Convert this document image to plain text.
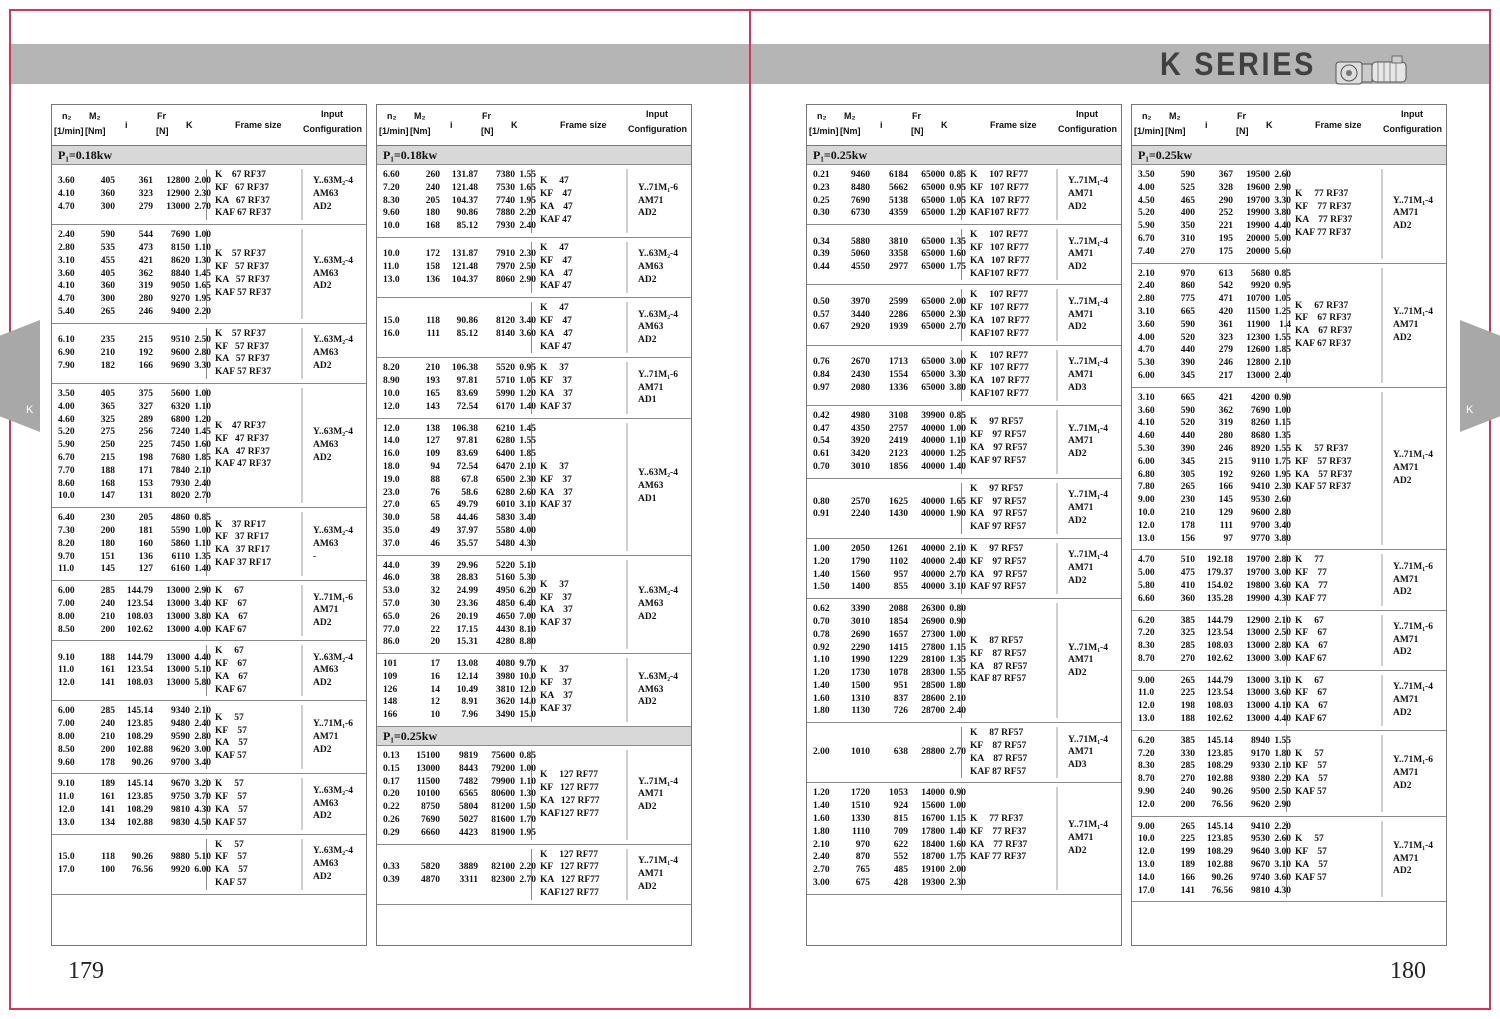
K SERIES
K	K
179	180
n₂ M₂
[1/min] [Nm]
i
Fr
[N]
K	Frame size
Input
Configuration
P₁=0.18kw
3.60	405	361	12800 2.00
4.10	360	323	12900 2.30
4.70	300	279	13000 2.70
K    67 RF37
KF   67 RF37
KA   67 RF37
KAF 67 RF37
Y..63M₂-4
AM63
AD2
2.40	590	544	7690 1.00
2.80	535	473	8150 1.10
3.10	455	421	8620 1.30
3.60	405	362	8840 1.45
4.10	360	319	9050 1.65
4.70	300	280	9270 1.95
5.40	265	246	9400 2.20
K    57 RF37
KF   57 RF37
KA   57 RF37
KAF 57 RF37
Y..63M₂-4
AM63
AD2
6.10	235	215	9510 2.50
6.90	210	192	9600 2.80
7.90	182	166	9690 3.30
K    57 RF37
KF   57 RF37
KA   57 RF37
KAF 57 RF37
Y..63M₂-4
AM63
AD2
3.50	405	375	5600 1.00
4.00	365	327	6320 1.10
4.60	325	289	6800 1.20
5.20	275	256	7240 1.45
5.90	250	225	7450 1.60
6.70	215	198	7680 1.85
7.70	188	171	7840 2.10
8.60	168	153	7930 2.40
10.0	147	131	8020 2.70
K    47 RF37
KF   47 RF37
KA   47 RF37
KAF 47 RF37
Y..63M₂-4
AM63
AD2
6.40	230	205	4860 0.85
7.30	200	181	5590 1.00
8.20	180	160	5860 1.10
9.70	151	136	6110 1.35
11.0	145	127	6160 1.40
K    37 RF17
KF   37 RF17
KA   37 RF17
KAF 37 RF17
Y..63M₂-4
AM63
-
6.00	285	144.79	13000 2.90
7.00	240	123.54	13000 3.40
8.00	210	108.03	13000 3.80
8.50	200	102.62	13000 4.00
K     67
KF    67
KA    67
KAF 67
Y..71M₁-6
AM71
AD2
9.10	188	144.79	13000 4.40
11.0	161	123.54	13000 5.10
12.0	141	108.03	13000 5.80
K     67
KF    67
KA    67
KAF 67
Y..63M₂-4
AM63
AD2
6.00	285	145.14	9340 2.10
7.00	240	123.85	9480 2.40
8.00	210	108.29	9590 2.80
8.50	200	102.88	9620 3.00
9.60	178	90.26	9700 3.40
K     57
KF    57
KA    57
KAF 57
Y..71M₁-6
AM71
AD2
9.10	189	145.14	9670 3.20
11.0	161	123.85	9750 3.70
12.0	141	108.29	9810 4.30
13.0	134	102.88	9830 4.50
K     57
KF    57
KA    57
KAF 57
Y..63M₂-4
AM63
AD2
15.0	118	90.26	9880 5.10
17.0	100	76.56	9920 6.00
K     57
KF    57
KA    57
KAF 57
Y..63M₂-4
AM63
AD2
n₂ M₂
[1/min] [Nm]
i
Fr
[N]
K	Frame size
Input
Configuration
P₁=0.18kw
6.60	260	131.87	7380 1.55
7.20	240	121.48	7530 1.65
8.30	205	104.37	7740 1.95
9.60	180	90.86	7880 2.20
10.0	168	85.12	7930 2.40
K     47
KF    47
KA    47
KAF 47
Y..71M₁-6
AM71
AD2
10.0	172	131.87	7910 2.30
11.0	158	121.48	7970 2.50
13.0	136	104.37	8060 2.90
K     47
KF    47
KA    47
KAF 47
Y..63M₂-4
AM63
AD2
15.0	118	90.86	8120 3.40
16.0	111	85.12	8140 3.60
K     47
KF    47
KA    47
KAF 47
Y..63M₂-4
AM63
AD2
8.20	210	106.38	5520 0.95
8.90	193	97.81	5710 1.05
10.0	165	83.69	5990 1.20
12.0	143	72.54	6170 1.40
K     37
KF    37
KA    37
KAF 37
Y..71M₁-6
AM71
AD1
12.0	138	106.38	6210 1.45
14.0	127	97.81	6280 1.55
16.0	109	83.69	6400 1.85
18.0	94	72.54	6470 2.10
19.0	88	67.8	6500 2.30
23.0	76	58.6	6280 2.60
27.0	65	49.79	6010 3.10
30.0	58	44.46	5830 3.40
35.0	49	37.97	5580 4.00
37.0	46	35.57	5480 4.30
K     37
KF    37
KA    37
KAF 37
Y..63M₂-4
AM63
AD1
44.0	39	29.96	5220 5.10
46.0	38	28.83	5160 5.30
53.0	32	24.99	4950 6.20
57.0	30	23.36	4850 6.40
65.0	26	20.19	4650 7.00
77.0	22	17.15	4430 8.10
86.0	20	15.31	4280 8.80
K     37
KF    37
KA    37
KAF 37
Y..63M₂-4
AM63
AD2
101	17	13.08	4080 9.70
109	16	12.14	3980 10.0
126	14	10.49	3810 12.0
148	12	8.91	3620 14.0
166	10	7.96	3490 15.0
K     37
KF    37
KA    37
KAF 37
Y..63M₂-4
AM63
AD2
P₁=0.25kw
0.13	15100	9819	75600 0.85
0.15	13000	8443	79200 1.00
0.17	11500	7482	79900 1.10
0.20	10100	6565	80600 1.30
0.22	8750	5804	81200 1.50
0.26	7690	5027	81600 1.70
0.29	6660	4423	81900 1.95
K     127 RF77
KF   127 RF77
KA   127 RF77
KAF127 RF77
Y..71M₁-4
AM71
AD2
0.33	5820	3889	82100 2.20
0.39	4870	3311	82300 2.70
K     127 RF77
KF   127 RF77
KA   127 RF77
KAF127 RF77
Y..71M₁-4
AM71
AD2
n₂ M₂
[1/min] [Nm]
i
Fr
[N]
K	Frame size
Input
Configuration
P₁=0.25kw
0.21	9460	6184	65000 0.85
0.23	8480	5662	65000 0.95
0.25	7690	5138	65000 1.05
0.30	6730	4359	65000 1.20
K     107 RF77
KF   107 RF77
KA   107 RF77
KAF107 RF77
Y..71M₁-4
AM71
AD2
0.34	5880	3810	65000 1.35
0.39	5060	3358	65000 1.60
0.44	4550	2977	65000 1.75
K     107 RF77
KF   107 RF77
KA   107 RF77
KAF107 RF77
Y..71M₁-4
AM71
AD2
0.50	3970	2599	65000 2.00
0.57	3440	2286	65000 2.30
0.67	2920	1939	65000 2.70
K     107 RF77
KF   107 RF77
KA   107 RF77
KAF107 RF77
Y..71M₁-4
AM71
AD2
0.76	2670	1713	65000 3.00
0.84	2430	1554	65000 3.30
0.97	2080	1336	65000 3.80
K     107 RF77
KF   107 RF77
KA   107 RF77
KAF107 RF77
Y..71M₁-4
AM71
AD3
0.42	4980	3108	39900 0.85
0.47	4350	2757	40000 1.00
0.54	3920	2419	40000 1.10
0.61	3420	2123	40000 1.25
0.70	3010	1856	40000 1.40
K     97 RF57
KF    97 RF57
KA    97 RF57
KAF 97 RF57
Y..71M₁-4
AM71
AD2
0.80	2570	1625	40000 1.65
0.91	2240	1430	40000 1.90
K     97 RF57
KF    97 RF57
KA    97 RF57
KAF 97 RF57
Y..71M₁-4
AM71
AD2
1.00	2050	1261	40000 2.10
1.20	1790	1102	40000 2.40
1.40	1560	957	40000 2.70
1.50	1400	855	40000 3.10
K     97 RF57
KF    97 RF57
KA    97 RF57
KAF 97 RF57
Y..71M₁-4
AM71
AD2
0.62	3390	2088	26300 0.80
0.70	3010	1854	26900 0.90
0.78	2690	1657	27300 1.00
0.92	2290	1415	27800 1.15
1.10	1990	1229	28100 1.35
1.20	1730	1078	28300 1.55
1.40	1500	951	28500 1.80
1.60	1310	837	28600 2.10
1.80	1130	726	28700 2.40
K     87 RF57
KF    87 RF57
KA    87 RF57
KAF 87 RF57
Y..71M₁-4
AM71
AD2
2.00	1010	638	28800 2.70
K     87 RF57
KF    87 RF57
KA    87 RF57
KAF 87 RF57
Y..71M₁-4
AM71
AD3
1.20	1720	1053	14000 0.90
1.40	1510	924	15600 1.00
1.60	1330	815	16700 1.15
1.80	1110	709	17800 1.40
2.10	970	622	18400 1.60
2.40	870	552	18700 1.75
2.70	765	485	19100 2.00
3.00	675	428	19300 2.30
K     77 RF37
KF    77 RF37
KA    77 RF37
KAF 77 RF37
Y..71M₁-4
AM71
AD2
n₂ M₂
[1/min] [Nm]
i
Fr
[N]
K	Frame size
Input
Configuration
P₁=0.25kw
3.50	590	367	19500 2.60
4.00	525	328	19600 2.90
4.50	465	290	19700 3.30
5.20	400	252	19900 3.80
5.90	350	221	19900 4.40
6.70	310	195	20000 5.00
7.40	270	175	20000 5.60
K     77 RF37
KF    77 RF37
KA    77 RF37
KAF 77 RF37
Y..71M₁-4
AM71
AD2
2.10	970	613	5680 0.85
2.40	860	542	9920 0.95
2.80	775	471	10700 1.05
3.10	665	420	11500 1.25
3.60	590	361	11900 1.4
4.00	520	323	12300 1.55
4.70	440	279	12600 1.85
5.30	390	246	12800 2.10
6.00	345	217	13000 2.40
K     67 RF37
KF    67 RF37
KA    67 RF37
KAF 67 RF37
Y..71M₁-4
AM71
AD2
3.10	665	421	4200 0.90
3.60	590	362	7690 1.00
4.10	520	319	8260 1.15
4.60	440	280	8680 1.35
5.30	390	246	8920 1.55
6.00	345	215	9110 1.75
6.80	305	192	9260 1.95
7.80	265	166	9410 2.30
9.00	230	145	9530 2.60
10.0	210	129	9600 2.80
12.0	178	111	9700 3.40
13.0	156	97	9770 3.80
K     57 RF37
KF    57 RF37
KA    57 RF37
KAF 57 RF37
Y..71M₁-4
AM71
AD2
4.70	510	192.18	19700 2.80
5.00	475	179.37	19700 3.00
5.80	410	154.02	19800 3.60
6.60	360	135.28	19900 4.30
K     77
KF    77
KA    77
KAF 77
Y..71M₁-6
AM71
AD2
6.20	385	144.79	12900 2.10
7.20	325	123.54	13000 2.50
8.30	285	108.03	13000 2.80
8.70	270	102.62	13000 3.00
K     67
KF    67
KA    67
KAF 67
Y..71M₁-6
AM71
AD2
9.00	265	144.79	13000 3.10
11.0	225	123.54	13000 3.60
12.0	198	108.03	13000 4.10
13.0	188	102.62	13000 4.40
K     67
KF    67
KA    67
KAF 67
Y..71M₁-4
AM71
AD2
6.20	385	145.14	8940 1.55
7.20	330	123.85	9170 1.80
8.30	285	108.29	9330 2.10
8.70	270	102.88	9380 2.20
9.90	240	90.26	9500 2.50
12.0	200	76.56	9620 2.90
K     57
KF    57
KA    57
KAF 57
Y..71M₁-6
AM71
AD2
9.00	265	145.14	9410 2.20
10.0	225	123.85	9530 2.60
12.0	199	108.29	9640 3.00
13.0	189	102.88	9670 3.10
14.0	166	90.26	9740 3.60
17.0	141	76.56	9810 4.30
K     57
KF    57
KA    57
KAF 57
Y..71M₁-4
AM71
AD2
